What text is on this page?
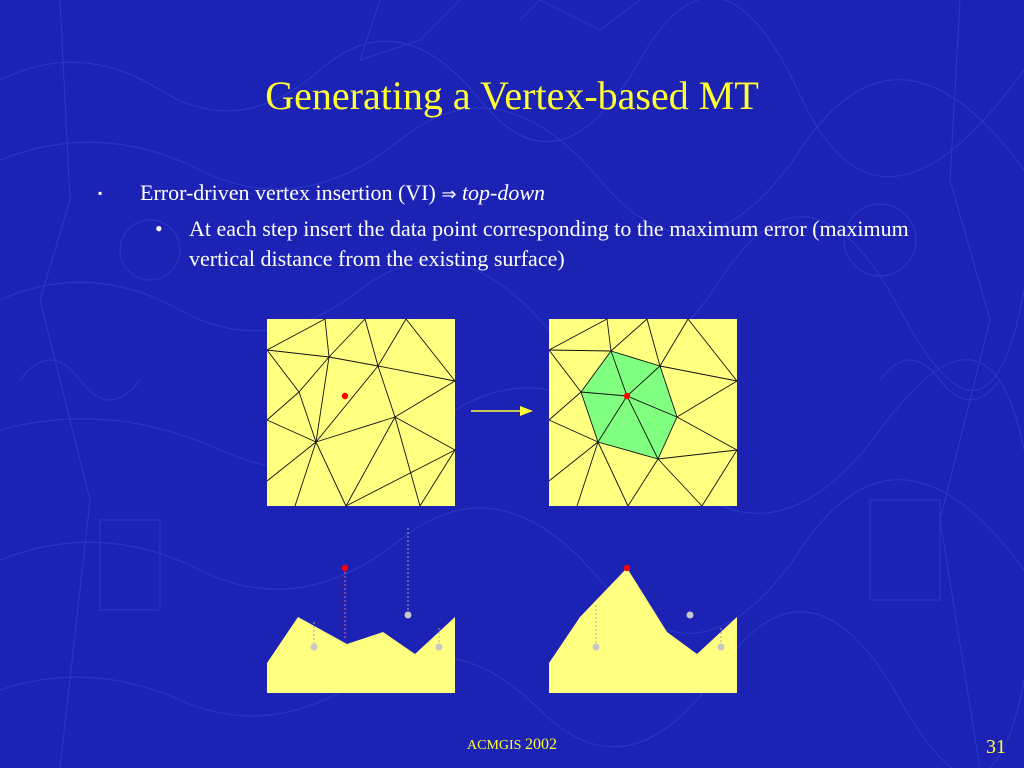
Generating a Vertex-based MT
▪ Error-driven vertex insertion (VI) ⇒ top-down
• At each step insert the data point corresponding to the maximum error (maximum vertical distance from the existing surface)
ACMGIS 2002	31
